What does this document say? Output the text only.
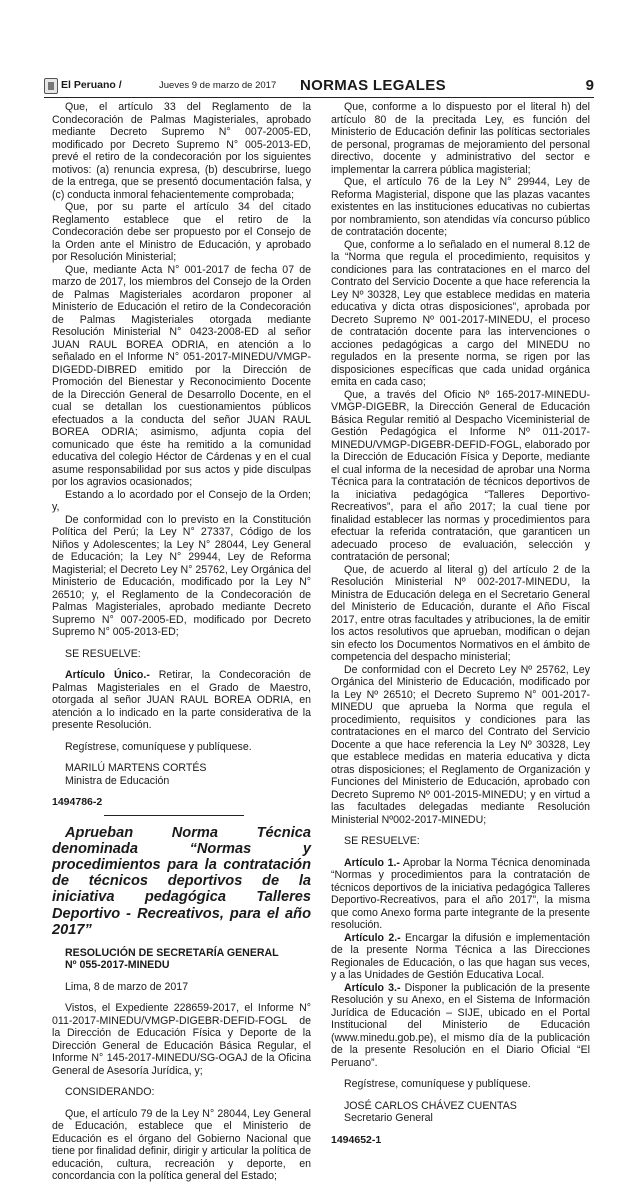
El Peruano /	Jueves 9 de marzo de 2017 NORMAS LEGALES	9

Que, el artículo 33 del Reglamento de la Condecoración de Palmas Magisteriales, aprobado mediante Decreto Supremo N° 007-2005-ED, modificado por Decreto Supremo N° 005-2013-ED, prevé el retiro de la condecoración por los siguientes motivos: (a) renuncia expresa, (b) descubrirse, luego de la entrega, que se presentó documentación falsa, y (c) conducta inmoral fehacientemente comprobada;

Que, por su parte el artículo 34 del citado Reglamento establece que el retiro de la Condecoración debe ser propuesto por el Consejo de la Orden ante el Ministro de Educación, y aprobado por Resolución Ministerial;

Que, mediante Acta N° 001-2017 de fecha 07 de marzo de 2017, los miembros del Consejo de la Orden de Palmas Magisteriales acordaron proponer al Ministerio de Educación el retiro de la Condecoración de Palmas Magisteriales otorgada mediante Resolución Ministerial N° 0423-2008-ED al señor JUAN RAUL BOREA ODRIA, en atención a lo señalado en el Informe N° 051-2017-MINEDU/VMGP-DIGEDD-DIBRED emitido por la Dirección de Promoción del Bienestar y Reconocimiento Docente de la Dirección General de Desarrollo Docente, en el cual se detallan los cuestionamientos públicos efectuados a la conducta del señor JUAN RAUL BOREA ODRIA; asimismo, adjunta copia del comunicado que éste ha remitido a la comunidad educativa del colegio Héctor de Cárdenas y en el cual asume responsabilidad por sus actos y pide disculpas por los agravios ocasionados;

Estando a lo acordado por el Consejo de la Orden; y,

De conformidad con lo previsto en la Constitución Política del Perú; la Ley N° 27337, Código de los Niños y Adolescentes; la Ley N° 28044, Ley General de Educación; la Ley N° 29944, Ley de Reforma Magisterial; el Decreto Ley N° 25762, Ley Orgánica del Ministerio de Educación, modificado por la Ley N° 26510; y, el Reglamento de la Condecoración de Palmas Magisteriales, aprobado mediante Decreto Supremo N° 007-2005-ED, modificado por Decreto Supremo N° 005-2013-ED;

SE RESUELVE:

Artículo Único.- Retirar, la Condecoración de Palmas Magisteriales en el Grado de Maestro, otorgada al señor JUAN RAUL BOREA ODRIA, en atención a lo indicado en la parte considerativa de la presente Resolución.

Regístrese, comuníquese y publíquese.

MARILÚ MARTENS CORTÉS

Ministra de Educación

1494786-2

Aprueban Norma Técnica denominada “Normas y procedimientos para la contratación de técnicos deportivos de la iniciativa pedagógica Talleres Deportivo - Recreativos, para el año 2017”

RESOLUCIÓN DE SECRETARÍA GENERAL

Nº 055-2017-MINEDU

Lima, 8 de marzo de 2017

Vistos, el Expediente 228659-2017, el Informe N° 011-2017-MINEDU/VMGP-DIGEBR-DEFID-FOGL de la Dirección de Educación Física y Deporte de la Dirección General de Educación Básica Regular, el Informe N° 145-2017-MINEDU/SG-OGAJ de la Oficina General de Asesoría Jurídica, y;

CONSIDERANDO:

Que, el artículo 79 de la Ley N° 28044, Ley General de Educación, establece que el Ministerio de Educación es el órgano del Gobierno Nacional que tiene por finalidad definir, dirigir y articular la política de educación, cultura, recreación y deporte, en concordancia con la política general del Estado;

Que, conforme a lo dispuesto por el literal h) del artículo 80 de la precitada Ley, es función del Ministerio de Educación definir las políticas sectoriales de personal, programas de mejoramiento del personal directivo, docente y administrativo del sector e implementar la carrera pública magisterial;

Que, el artículo 76 de la Ley N° 29944, Ley de Reforma Magisterial, dispone que las plazas vacantes existentes en las instituciones educativas no cubiertas por nombramiento, son atendidas vía concurso público de contratación docente;

Que, conforme a lo señalado en el numeral 8.12 de la “Norma que regula el procedimiento, requisitos y condiciones para las contrataciones en el marco del Contrato del Servicio Docente a que hace referencia la Ley Nº 30328, Ley que establece medidas en materia educativa y dicta otras disposiciones”, aprobada por Decreto Supremo Nº 001-2017-MINEDU, el proceso de contratación docente para las intervenciones o acciones pedagógicas a cargo del MINEDU no regulados en la presente norma, se rigen por las disposiciones específicas que cada unidad orgánica emita en cada caso;

Que, a través del Oficio Nº 165-2017-MINEDU-VMGP-DIGEBR, la Dirección General de Educación Básica Regular remitió al Despacho Viceministerial de Gestión Pedagógica el Informe Nº 011-2017-MINEDU/VMGP-DIGEBR-DEFID-FOGL, elaborado por la Dirección de Educación Física y Deporte, mediante el cual informa de la necesidad de aprobar una Norma Técnica para la contratación de técnicos deportivos de la iniciativa pedagógica “Talleres Deportivo-Recreativos”, para el año 2017; la cual tiene por finalidad establecer las normas y procedimientos para efectuar la referida contratación, que garanticen un adecuado proceso de evaluación, selección y contratación de personal;

Que, de acuerdo al literal g) del artículo 2 de la Resolución Ministerial Nº 002-2017-MINEDU, la Ministra de Educación delega en el Secretario General del Ministerio de Educación, durante el Año Fiscal 2017, entre otras facultades y atribuciones, la de emitir los actos resolutivos que aprueban, modifican o dejan sin efecto los Documentos Normativos en el ámbito de competencia del despacho ministerial;

De conformidad con el Decreto Ley Nº 25762, Ley Orgánica del Ministerio de Educación, modificado por la Ley Nº 26510; el Decreto Supremo N° 001-2017-MINEDU que aprueba la Norma que regula el procedimiento, requisitos y condiciones para las contrataciones en el marco del Contrato del Servicio Docente a que hace referencia la Ley Nº 30328, Ley que establece medidas en materia educativa y dicta otras disposiciones; el Reglamento de Organización y Funciones del Ministerio de Educación, aprobado con Decreto Supremo Nº 001-2015-MINEDU; y en virtud a las facultades delegadas mediante Resolución Ministerial Nº002-2017-MINEDU;

SE RESUELVE:

Artículo 1.- Aprobar la Norma Técnica denominada “Normas y procedimientos para la contratación de técnicos deportivos de la iniciativa pedagógica Talleres Deportivo-Recreativos, para el año 2017”, la misma que como Anexo forma parte integrante de la presente resolución.

Artículo 2.- Encargar la difusión e implementación de la presente Norma Técnica a las Direcciones Regionales de Educación, o las que hagan sus veces, y a las Unidades de Gestión Educativa Local.

Artículo 3.- Disponer la publicación de la presente Resolución y su Anexo, en el Sistema de Información Jurídica de Educación – SIJE, ubicado en el Portal Institucional del Ministerio de Educación (www.minedu.gob.pe), el mismo día de la publicación de la presente Resolución en el Diario Oficial “El Peruano”.

Regístrese, comuníquese y publíquese.

JOSÉ CARLOS CHÁVEZ CUENTAS

Secretario General

1494652-1
